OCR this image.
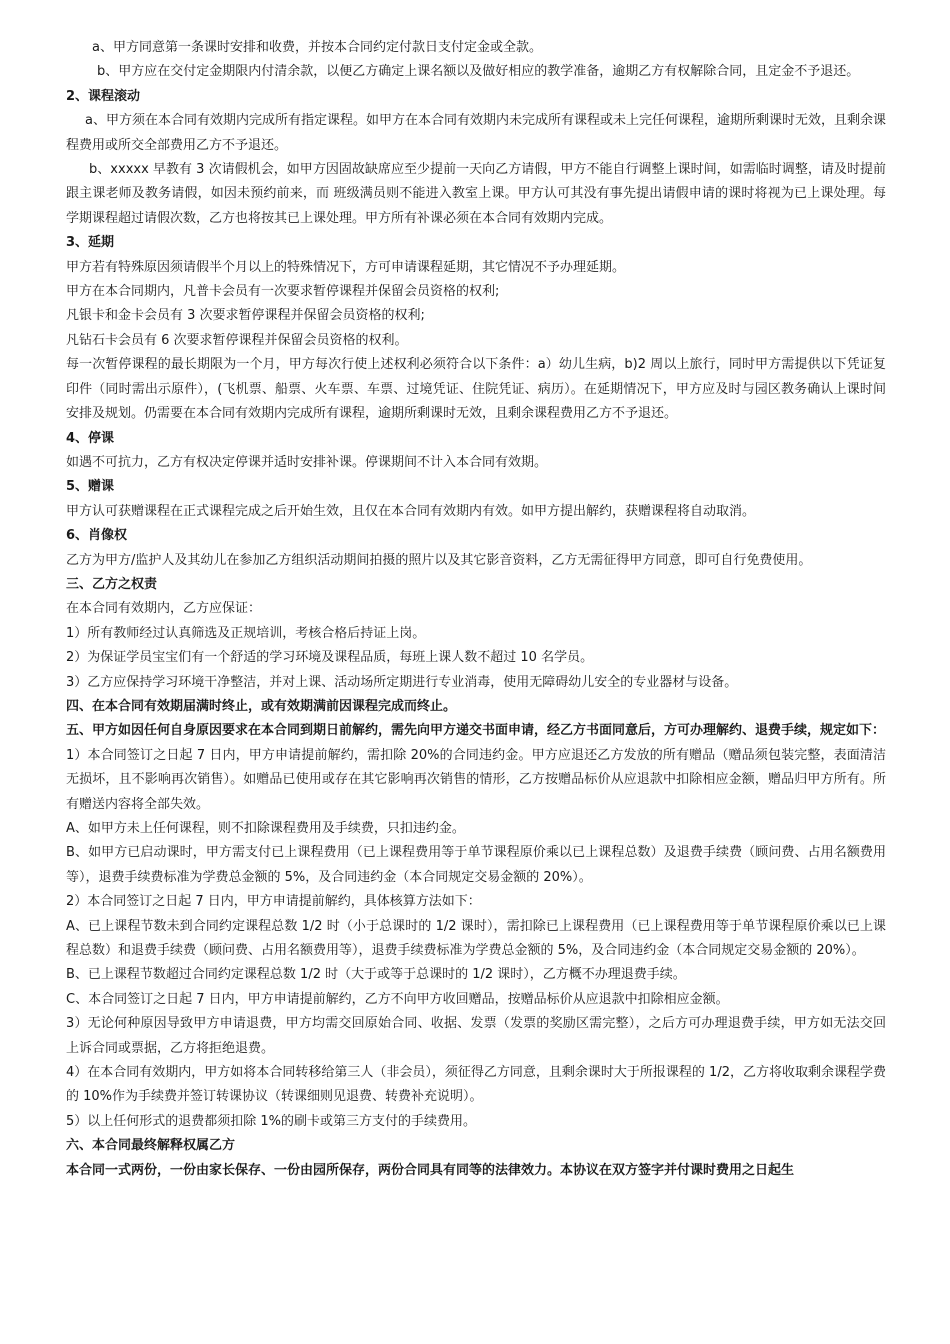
a、甲方同意第一条课时安排和收费，并按本合同约定付款日支付定金或全款。

b、甲方应在交付定金期限内付清余款，以便乙方确定上课名额以及做好相应的教学准备，逾期乙方有权解除合同，且定金不予退还。

2、课程滚动

a、甲方须在本合同有效期内完成所有指定课程。如甲方在本合同有效期内未完成所有课程或未上完任何课程，逾期所剩课时无效，且剩余课程费用或所交全部费用乙方不予退还。

b、xxxxx 早教有 3 次请假机会，如甲方因固故缺席应至少提前一天向乙方请假，甲方不能自行调整上课时间，如需临时调整，请及时提前跟主课老师及教务请假，如因未预约前来，而 班级满员则不能进入教室上课。甲方认可其没有事先提出请假申请的课时将视为已上课处理。每学期课程超过请假次数，乙方也将按其已上课处理。甲方所有补课必须在本合同有效期内完成。

3、延期

甲方若有特殊原因须请假半个月以上的特殊情况下，方可申请课程延期，其它情况不予办理延期。

甲方在本合同期内，凡普卡会员有一次要求暂停课程并保留会员资格的权利;

凡银卡和金卡会员有 3 次要求暂停课程并保留会员资格的权利;

凡钻石卡会员有 6 次要求暂停课程并保留会员资格的权利。

每一次暂停课程的最长期限为一个月，甲方每次行使上述权利必须符合以下条件：a）幼儿生病，b)2 周以上旅行，同时甲方需提供以下凭证复印件（同时需出示原件），(飞机票、船票、火车票、车票、过境凭证、住院凭证、病历）。在延期情况下，甲方应及时与园区教务确认上课时间安排及规划。仍需要在本合同有效期内完成所有课程，逾期所剩课时无效，且剩余课程费用乙方不予退还。

4、停课

如遇不可抗力，乙方有权决定停课并适时安排补课。停课期间不计入本合同有效期。

5、赠课

甲方认可获赠课程在正式课程完成之后开始生效，且仅在本合同有效期内有效。如甲方提出解约，获赠课程将自动取消。

6、肖像权

乙方为甲方/监护人及其幼儿在参加乙方组织活动期间拍摄的照片以及其它影音资料，乙方无需征得甲方同意，即可自行免费使用。

三、乙方之权责

在本合同有效期内，乙方应保证：

1）所有教师经过认真筛选及正规培训，考核合格后持证上岗。

2）为保证学员宝宝们有一个舒适的学习环境及课程品质，每班上课人数不超过 10 名学员。

3）乙方应保持学习环境干净整洁，并对上课、活动场所定期进行专业消毒，使用无障碍幼儿安全的专业器材与设备。

四、在本合同有效期届满时终止，或有效期满前因课程完成而终止。

五、甲方如因任何自身原因要求在本合同到期日前解约，需先向甲方递交书面申请，经乙方书面同意后，方可办理解约、退费手续，规定如下：

1）本合同签订之日起 7 日内，甲方申请提前解约，需扣除 20%的合同违约金。甲方应退还乙方发放的所有赠品（赠品须包装完整，表面清洁无损坏，且不影响再次销售）。如赠品已使用或存在其它影响再次销售的情形，乙方按赠品标价从应退款中扣除相应金额，赠品归甲方所有。所有赠送内容将全部失效。

A、如甲方未上任何课程，则不扣除课程费用及手续费，只扣违约金。

B、如甲方已启动课时，甲方需支付已上课程费用（已上课程费用等于单节课程原价乘以已上课程总数）及退费手续费（顾问费、占用名额费用等），退费手续费标准为学费总金额的 5%，及合同违约金（本合同规定交易金额的 20%）。

2）本合同签订之日起 7 日内，甲方申请提前解约，具体核算方法如下：

A、已上课程节数未到合同约定课程总数 1/2 时（小于总课时的 1/2 课时），需扣除已上课程费用（已上课程费用等于单节课程原价乘以已上课程总数）和退费手续费（顾问费、占用名额费用等），退费手续费标准为学费总金额的 5%，及合同违约金（本合同规定交易金额的 20%）。

B、已上课程节数超过合同约定课程总数 1/2 时（大于或等于总课时的 1/2 课时），乙方概不办理退费手续。

C、本合同签订之日起 7 日内，甲方申请提前解约，乙方不向甲方收回赠品，按赠品标价从应退款中扣除相应金额。

3）无论何种原因导致甲方申请退费，甲方均需交回原始合同、收据、发票（发票的奖励区需完整），之后方可办理退费手续，甲方如无法交回上诉合同或票据，乙方将拒绝退费。

4）在本合同有效期内，甲方如将本合同转移给第三人（非会员），须征得乙方同意，且剩余课时大于所报课程的 1/2，乙方将收取剩余课程学费的 10%作为手续费并签订转课协议（转课细则见退费、转费补充说明）。

5）以上任何形式的退费都须扣除 1%的刷卡或第三方支付的手续费用。

六、本合同最终解释权属乙方

本合同一式两份，一份由家长保存、一份由园所保存，两份合同具有同等的法律效力。本协议在双方签字并付课时费用之日起生
